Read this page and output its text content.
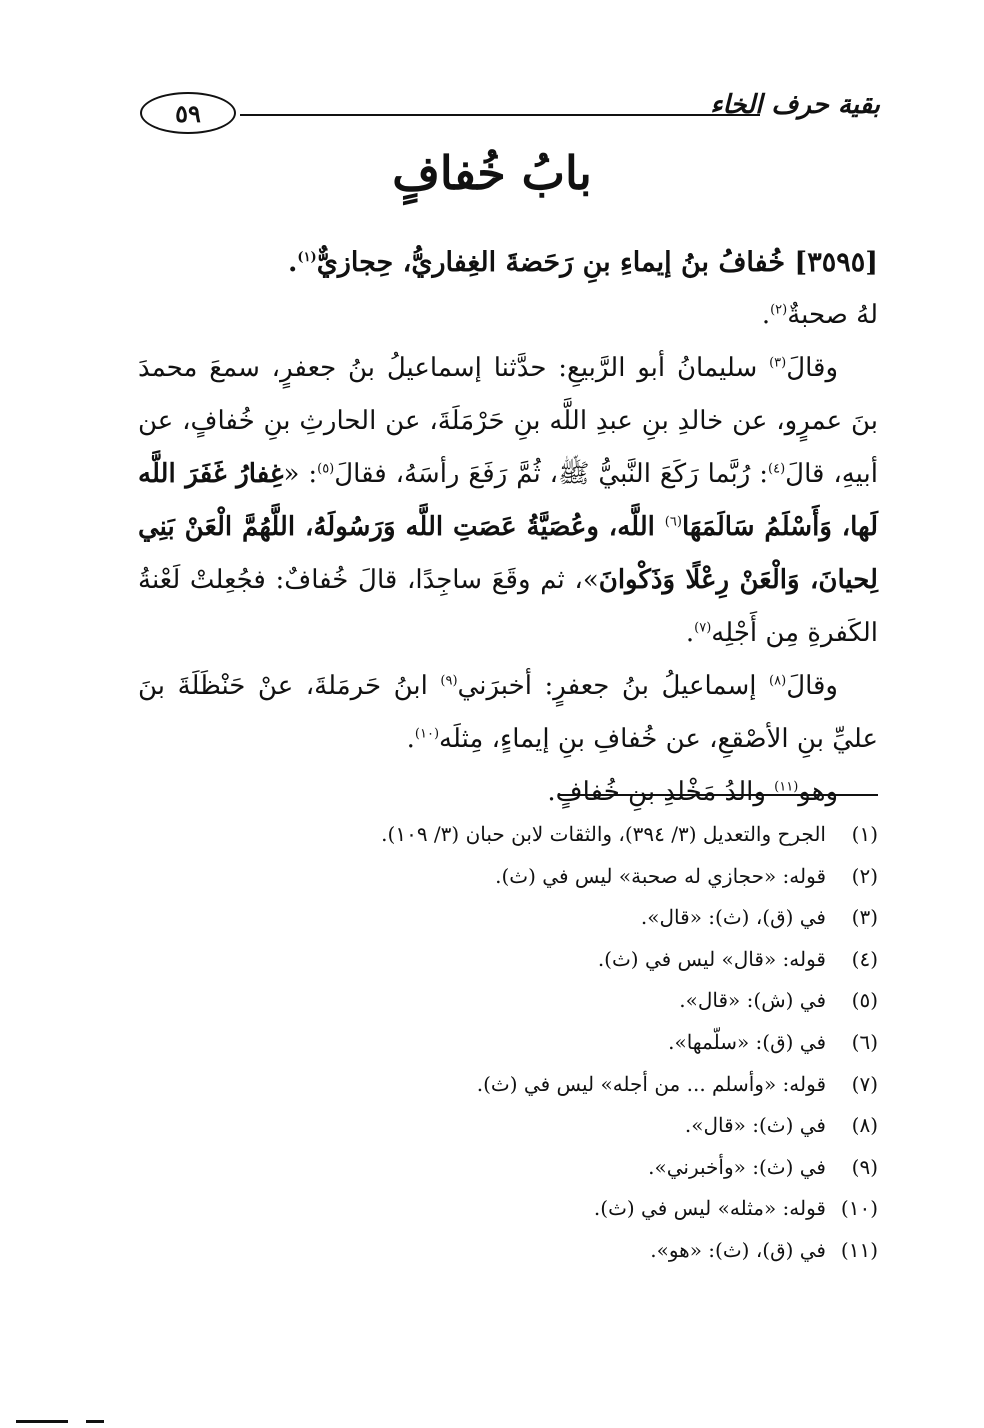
٥٩	بقية حرف الخاء
بابُ خُفافٍ

[٣٥٩٥] خُفافُ بنُ إيماءِ بنِ رَحَضةَ الغِفاريُّ، حِجازيٌّ$^{(١)}$.

لهُ صحبةٌ$^{(٢)}$.

وقالَ$^{(٣)}$ سليمانُ أبو الرَّبيعِ: حدَّثنا إسماعيلُ بنُ جعفرٍ، سمعَ محمدَ بنَ عمرٍو، عن خالدِ بنِ عبدِ اللَّه بنِ حَرْمَلَةَ، عن الحارثِ بنِ خُفافٍ، عن أبيهِ، قالَ$^{(٤)}$: رُبَّما رَكَعَ النَّبيُّ ﷺ، ثُمَّ رَفَعَ رأسَهُ، فقالَ$^{(٥)}$: «غِفارُ غَفَرَ اللَّه لَها، وَأَسْلَمُ سَالَمَهَا$^{(٦)}$ اللَّه، وعُصَيَّةُ عَصَتِ اللَّه وَرَسُولَهُ، اللَّهُمَّ الْعَنْ بَنِي لِحيانَ، وَالْعَنْ رِعْلًا وَذَكْوانَ»، ثم وقَعَ ساجِدًا، قالَ خُفافٌ: فجُعِلتْ لَعْنةُ الكَفرةِ مِن أَجْلِه$^{(٧)}$.

وقالَ$^{(٨)}$ إسماعيلُ بنُ جعفرٍ: أخبرَني$^{(٩)}$ ابنُ حَرمَلةَ، عنْ حَنْظَلَةَ بنَ عليِّ بنِ الأصْقعِ، عن خُفافِ بنِ إيماءٍ، مِثلَه$^{(١٠)}$.

وهو$^{(١١)}$ والدُ مَخْلدِ بنِ خُفافٍ.

(١)الجرح والتعديل (٣/ ٣٩٤)، والثقات لابن حبان (٣/ ١٠٩).
(٢)قوله: «حجازي له صحبة» ليس في (ث).
(٣)في (ق)، (ث): «قال».
(٤)قوله: «قال» ليس في (ث).
(٥)في (ش): «قال».
(٦)في (ق): «سلّمها».
(٧)قوله: «وأسلم ... من أجله» ليس في (ث).
(٨)في (ث): «قال».
(٩)في (ث): «وأخبرني».
(١٠)قوله: «مثله» ليس في (ث).
(١١)في (ق)، (ث): «هو».
